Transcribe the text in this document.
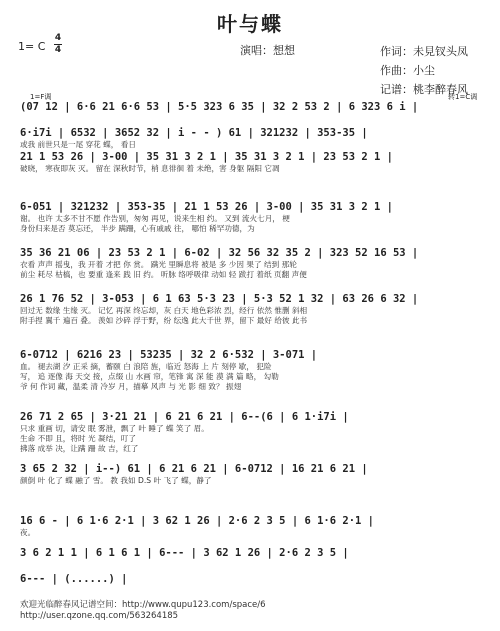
叶与蝶
1= C
4
4	演唱：想想	作词：未見钗头凤
作曲：小尘
记谱：桃李醉春风
1=F调	转1=C调
(07 12 | 6·6 21 6·6 53 | 5·5 323 6 35 | 32 2 53 2 | 6 323 6 i |
6·i7i | 6532 | 3652 32 | i - - ) 61 | 321232 | 353-35 |
或我 前世只是一尾 穿花 蝶， 看日
21 1 53 26 | 3-00 | 35 31 3 2 1 | 35 31 3 2 1 | 23 53 2 1 |
破晓， 寒夜即灰 灭。 留在 深秋时节，梢 息徘徊 着 未绝，害 身躯 隔阳 它凋
6-051 | 321232 | 353-35 | 21 1 53 26 | 3-00 | 35 31 3 2 1 |
谢。 也许 太多不甘不愿 作告别，匆匆 再见，说来生相 约。 又到 流火七月， 梗
身份归来是否 莫忘还， 半步 蹒跚，心有戚戚 往， 哪怕 稀罕功德，为
35 36 21 06 | 23 53 2 1 | 6-02 | 32 56 32 35 2 | 323 52 16 53 |
衣看 声声 摇曳，我 开着 才把 你 赏。 蹒光 里瞬息将 被是 多 少因 果了 结到 那轮
前尘 耗尽 枯槁，也 要重 逢来 践 旧 约。 听脉 络呼吸律 动如 轻 跋打 着纸 页翻 声便
26 1 76 52 | 3-053 | 6 1 63 5·3 23 | 5·3 52 1 32 | 63 26 6 32 |
回过无 数缘 生缘 灭。 记忆 再深 终忘却，灰 白天 地色彩浓 烈，经行 依然 惟删 斜相
附手捏 翼千 遍百 叠。 羡如 沙碎 浮于野，纷 纭逸 此大千世 界，留下 最好 给彼 此书
6-0712 | 6216 23 | 53235 | 32 2 6·532 | 3-071 |
血。 褪去湖 汐 正采 摘，蓄颐 白 浪陪 旌，临近 怒海 上 片 刻停 歇， 犯险
写， 追 逐像 海 天交 接，点缀 山 水画 帘，笔锋 寓 深 能 漠 满 篇 略， 勾勒
爷 何 作词 藏，温柔 清 冷岁 月，描摹 风声 与 光 影 细 致？ 振翅
26 71 2 65 | 3·21 21 | 6 21 6 21 | 6--(6 | 6 1·i7i |
只求 重画 切，请安 眠 雾泄，飘了 叶 睡了 蝶 笑了 眉。
生命 不即 且，将时 光 凝结，叮了
拂落 成举 决，让蹒 跚 故 吉，红了
3 65 2 32 | i--) 61 | 6 21 6 21 | 6-0712 | 16 21 6 21 |
颜倒 叶 化了 蝶 融了 雪。 教 我如 D.S 叶 飞了 蝶，静了
16 6 - | 6 1·6 2·1 | 3 62 1 26 | 2·6 2 3 5 | 6 1·6 2·1 |
夜。
3 6 2 1 1 | 6 1 6 1 | 6--- | 3 62 1 26 | 2·6 2 3 5 |
6--- | (......) |
欢迎光临醉春风记谱空间：http://www.qupu123.com/space/6
http://user.qzone.qq.com/563264185
